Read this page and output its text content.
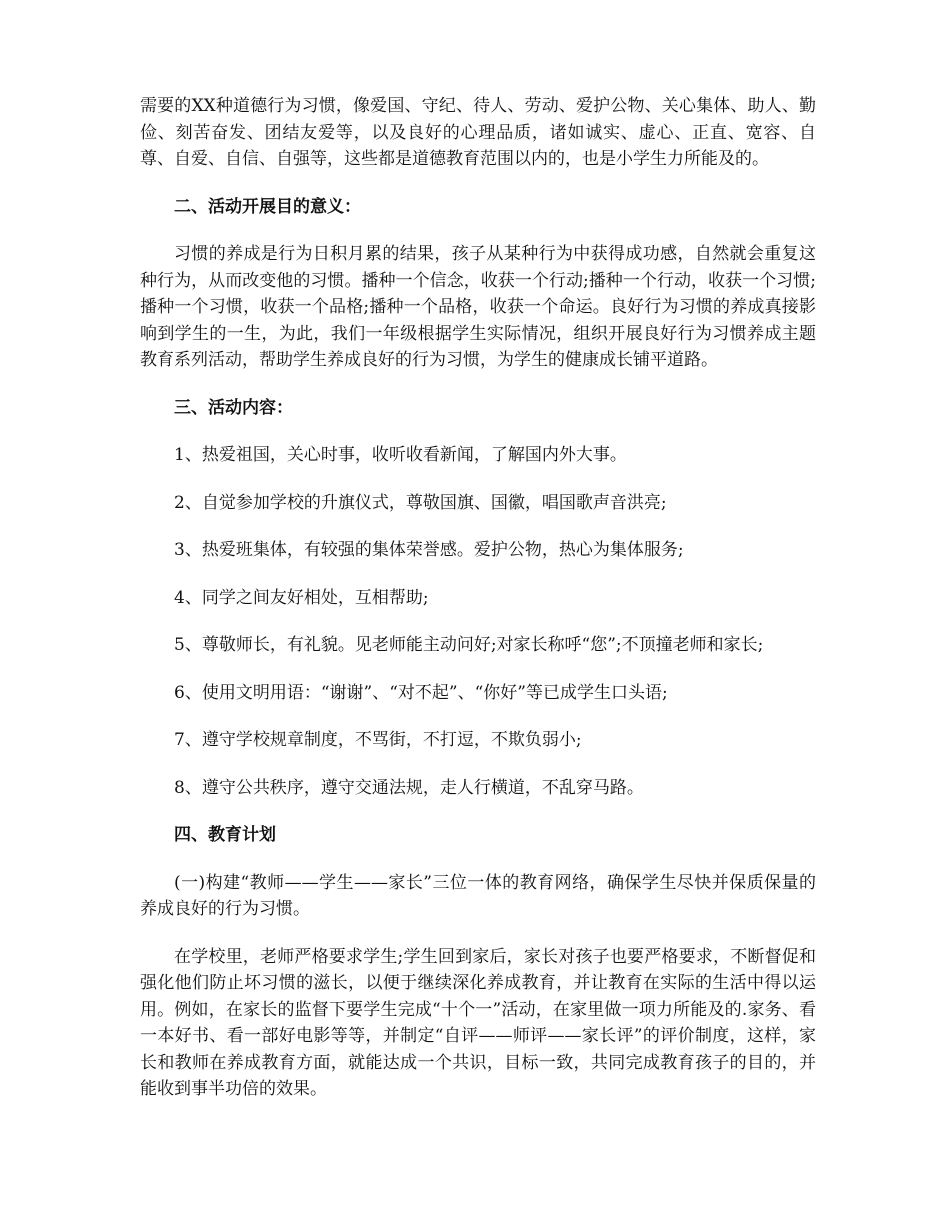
需要的XX种道德行为习惯，像爱国、守纪、待人、劳动、爱护公物、关心集体、助人、勤俭、刻苦奋发、团结友爱等，以及良好的心理品质，诸如诚实、虚心、正直、宽容、自尊、自爱、自信、自强等，这些都是道德教育范围以内的，也是小学生力所能及的。

二、活动开展目的意义：

习惯的养成是行为日积月累的结果，孩子从某种行为中获得成功感，自然就会重复这种行为，从而改变他的习惯。播种一个信念，收获一个行动;播种一个行动，收获一个习惯;播种一个习惯，收获一个品格;播种一个品格，收获一个命运。良好行为习惯的养成真接影响到学生的一生，为此，我们一年级根据学生实际情况，组织开展良好行为习惯养成主题教育系列活动，帮助学生养成良好的行为习惯，为学生的健康成长铺平道路。

三、活动内容：

1、热爱祖国，关心时事，收听收看新闻，了解国内外大事。

2、自觉参加学校的升旗仪式，尊敬国旗、国徽，唱国歌声音洪亮;

3、热爱班集体，有较强的集体荣誉感。爱护公物，热心为集体服务;

4、同学之间友好相处，互相帮助;

5、尊敬师长，有礼貌。见老师能主动问好;对家长称呼“您”;不顶撞老师和家长;

6、使用文明用语：“谢谢”、“对不起”、“你好”等已成学生口头语;

7、遵守学校规章制度，不骂街，不打逗，不欺负弱小;

8、遵守公共秩序，遵守交通法规，走人行横道，不乱穿马路。

四、教育计划

(一)构建“教师——学生——家长”三位一体的教育网络，确保学生尽快并保质保量的养成良好的行为习惯。

在学校里，老师严格要求学生;学生回到家后，家长对孩子也要严格要求，不断督促和强化他们防止坏习惯的滋长，以便于继续深化养成教育，并让教育在实际的生活中得以运用。例如，在家长的监督下要学生完成“十个一”活动，在家里做一项力所能及的.家务、看一本好书、看一部好电影等等，并制定“自评——师评——家长评”的评价制度，这样，家长和教师在养成教育方面，就能达成一个共识，目标一致，共同完成教育孩子的目的，并能收到事半功倍的效果。
